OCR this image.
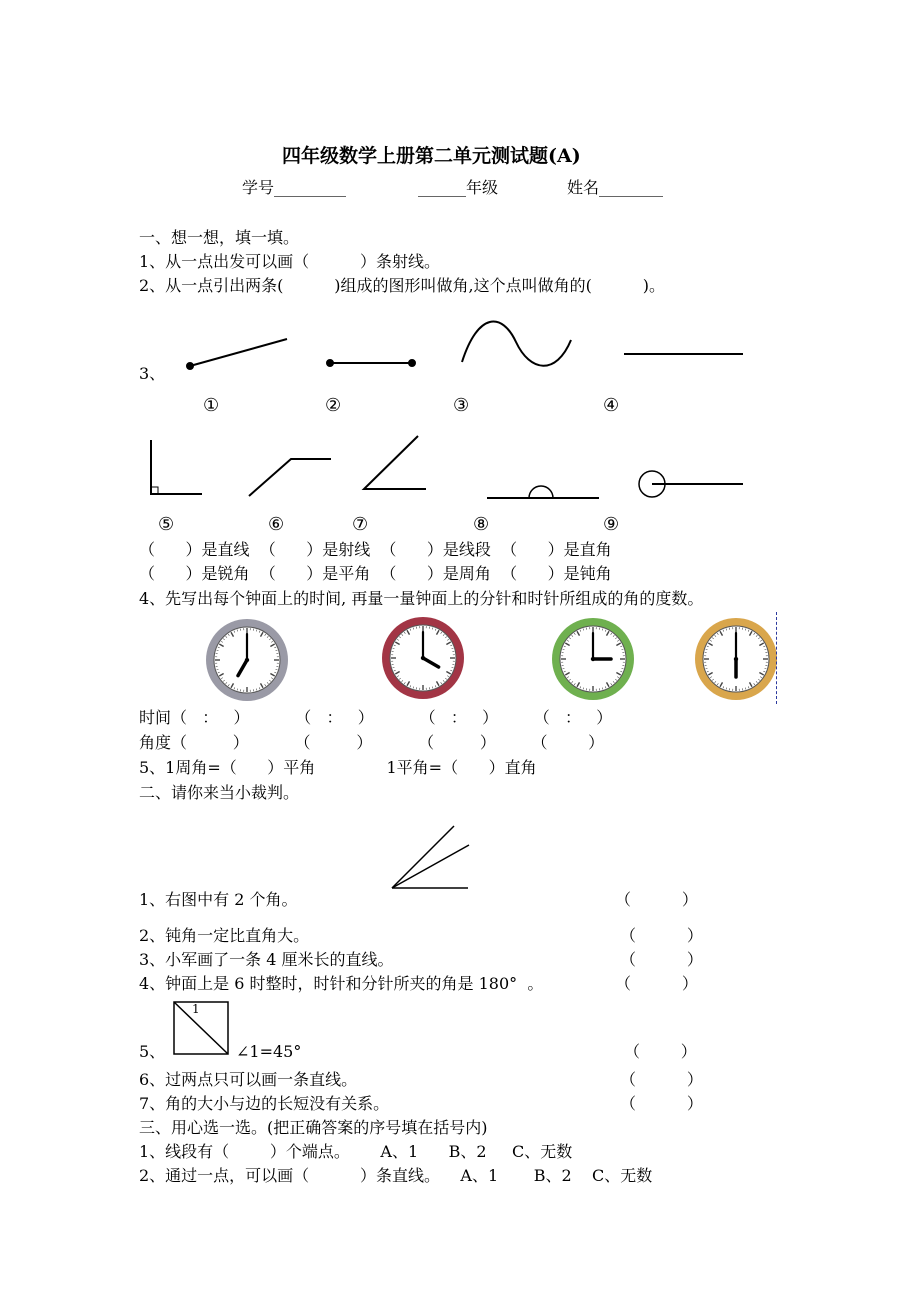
四年级数学上册第二单元测试题(A)
学号_________	______年级	姓名________
一、想一想，填一填。
1、从一点出发可以画（          ）条射线。
2、从一点引出两条(          )组成的图形叫做角,这个点叫做角的(          )。
3、
①	②	③	④
⑤	⑥	⑦	⑧	⑨
（      ）是直线  （      ）是射线  （      ）是线段  （      ）是直角
（      ）是锐角  （      ）是平角  （      ）是周角  （      ）是钝角
4、先写出每个钟面上的时间, 再量一量钟面上的分针和时针所组成的角的度数。
时间（   ：   ）         （   ：   ）         （   ：   ）       （   ：   ）
角度（         ）         （         ）         （         ）       （        ）
5、1周角=（      ）平角              1平角=（      ）直角
二、请你来当小裁判。
1、右图中有 2 个角。	（          ）
2、钝角一定比直角大。	（          ）
3、小军画了一条 4 厘米长的直线。	（          ）
4、钟面上是 6 时整时，时针和分针所夹的角是 180°  。	（          ）
1
5、	∠1=45°	（        ）
6、过两点只可以画一条直线。	（          ）
7、角的大小与边的长短没有关系。	（          ）
三、用心选一选。(把正确答案的序号填在括号内)
1、线段有（        ）个端点。      A、1      B、2     C、无数
2、通过一点，可以画（          ）条直线。    A、1       B、2    C、无数
